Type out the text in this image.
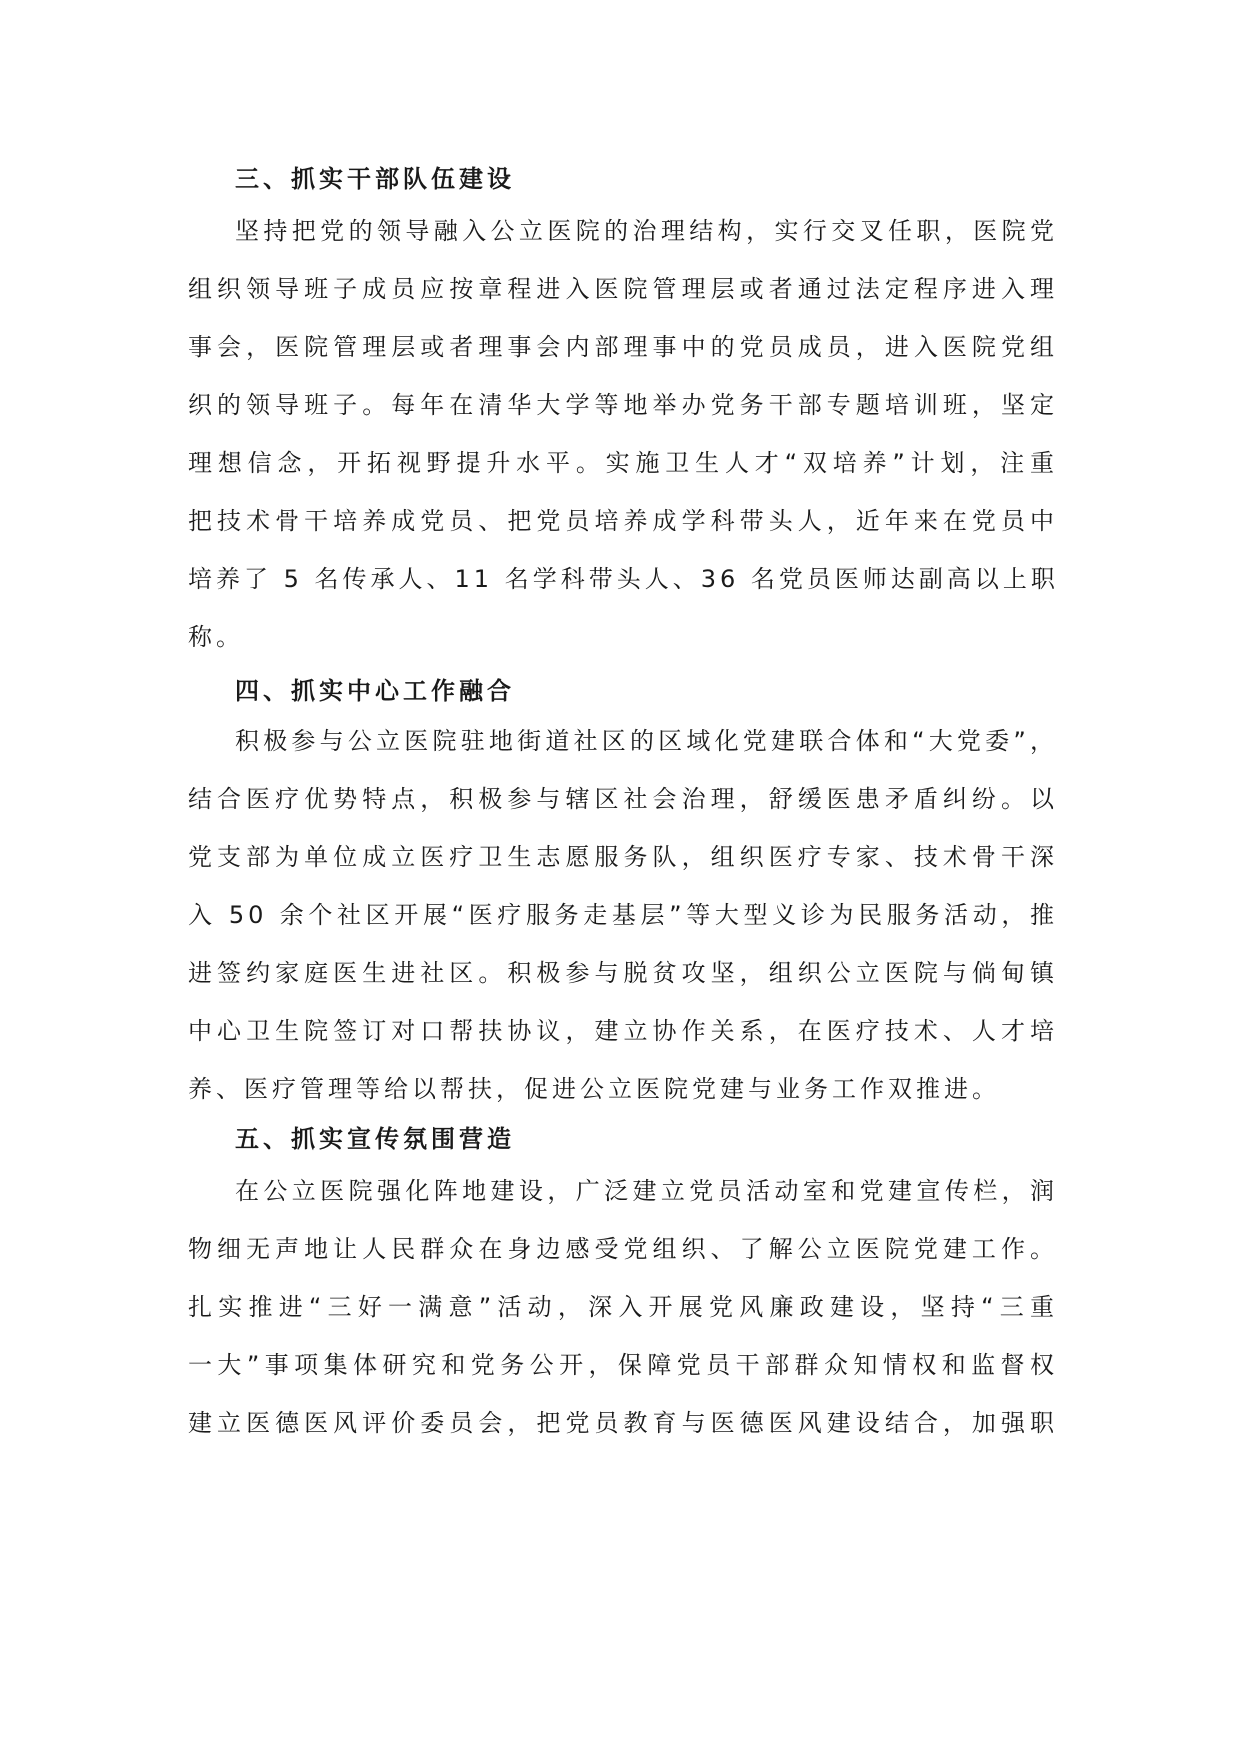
三、抓实干部队伍建设
坚持把党的领导融入公立医院的治理结构，实行交叉任职，医院党
组织领导班子成员应按章程进入医院管理层或者通过法定程序进入理
事会，医院管理层或者理事会内部理事中的党员成员，进入医院党组
织的领导班子。每年在清华大学等地举办党务干部专题培训班，坚定
理想信念，开拓视野提升水平。实施卫生人才“双培养”计划，注重
把技术骨干培养成党员、把党员培养成学科带头人，近年来在党员中
培养了 5 名传承人、11 名学科带头人、36 名党员医师达副高以上职
称。
四、抓实中心工作融合
积极参与公立医院驻地街道社区的区域化党建联合体和“大党委”，
结合医疗优势特点，积极参与辖区社会治理，舒缓医患矛盾纠纷。以
党支部为单位成立医疗卫生志愿服务队，组织医疗专家、技术骨干深
入 50 余个社区开展“医疗服务走基层”等大型义诊为民服务活动，推
进签约家庭医生进社区。积极参与脱贫攻坚，组织公立医院与倘甸镇
中心卫生院签订对口帮扶协议，建立协作关系，在医疗技术、人才培
养、医疗管理等给以帮扶，促进公立医院党建与业务工作双推进。
五、抓实宣传氛围营造
在公立医院强化阵地建设，广泛建立党员活动室和党建宣传栏，润
物细无声地让人民群众在身边感受党组织、了解公立医院党建工作。
扎实推进“三好一满意”活动，深入开展党风廉政建设，坚持“三重
一大”事项集体研究和党务公开，保障党员干部群众知情权和监督权
建立医德医风评价委员会，把党员教育与医德医风建设结合，加强职
